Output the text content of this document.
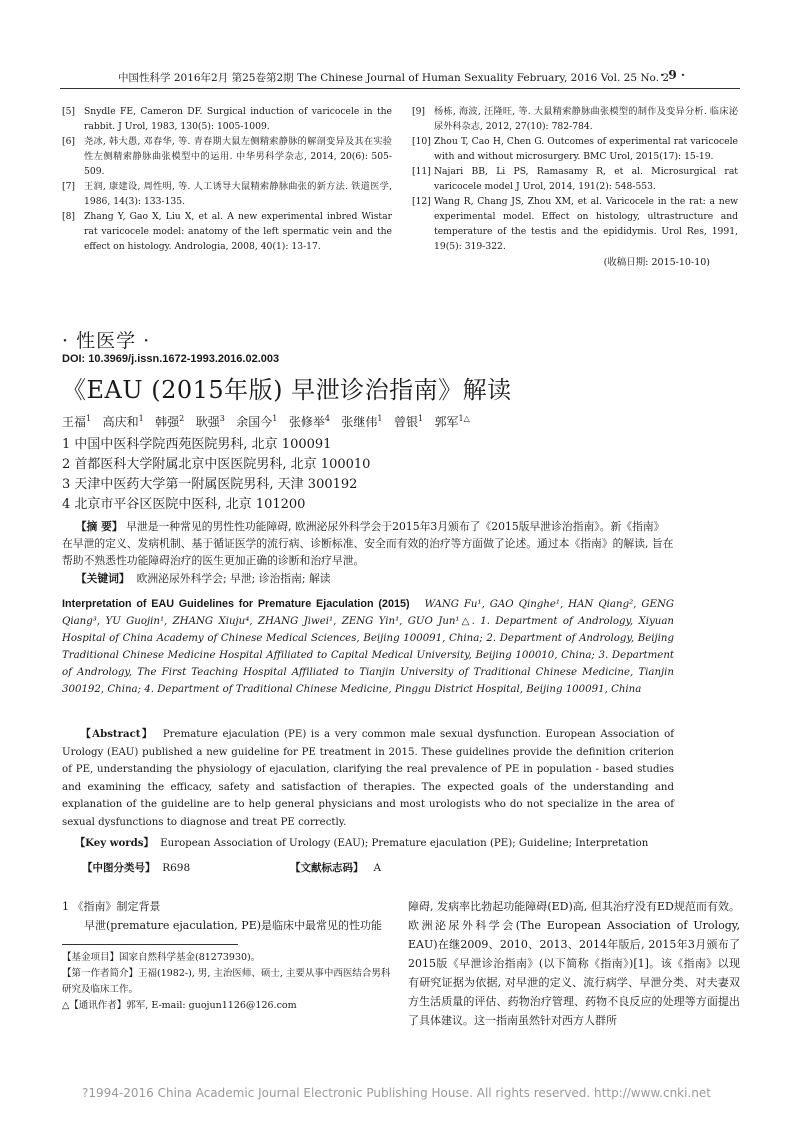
中国性科学 2016年2月 第25卷第2期 The Chinese Journal of Human Sexuality February, 2016 Vol. 25 No. 2
· 9 ·
[5] Snydle FE, Cameron DF. Surgical induction of varicocele in the rabbit. J Urol, 1983, 130(5): 1005-1009.
[6] 尧冰, 韩大愚, 邓春华, 等. 青春期大鼠左侧精索静脉的解剖变异及其在实验性左侧精索静脉曲张模型中的运用. 中华男科学杂志, 2014, 20(6): 505-509.
[7] 王润, 康建设, 周性明, 等. 人工诱导大鼠精索静脉曲张的新方法. 铁道医学, 1986, 14(3): 133-135.
[8] Zhang Y, Gao X, Liu X, et al. A new experimental inbred Wistar rat varicocele model: anatomy of the left spermatic vein and the effect on histology. Andrologia, 2008, 40(1): 13-17.
[9] 杨栋, 海波, 汪隆旺, 等. 大鼠精索静脉曲张模型的制作及变异分析. 临床泌尿外科杂志, 2012, 27(10): 782-784.
[10] Zhou T, Cao H, Chen G. Outcomes of experimental rat varicocele with and without microsurgery. BMC Urol, 2015(17): 15-19.
[11] Najari BB, Li PS, Ramasamy R, et al. Microsurgical rat varicocele model J Urol, 2014, 191(2): 548-553.
[12] Wang R, Chang JS, Zhou XM, et al. Varicocele in the rat: a new experimental model. Effect on histology, ultrastructure and temperature of the testis and the epididymis. Urol Res, 1991, 19(5): 319-322.
(收稿日期: 2015-10-10)
· 性医学 ·
DOI: 10.3969/j.issn.1672-1993.2016.02.003
《EAU (2015年版) 早泄诊治指南》解读
王福$^1$ 高庆和$^1$ 韩强$^2$ 耿强$^3$ 余国今$^1$ 张修举$^4$ 张继伟$^1$ 曾银$^1$ 郭军$^{1\triangle}$
1 中国中医科学院西苑医院男科, 北京 100091
2 首都医科大学附属北京中医医院男科, 北京 100010
3 天津中医药大学第一附属医院男科, 天津 300192
4 北京市平谷区医院中医科, 北京 101200
【摘 要】 早泄是一种常见的男性性功能障碍, 欧洲泌尿外科学会于2015年3月颁布了《2015版早泄诊治指南》。新《指南》在早泄的定义、发病机制、基于循证医学的流行病、诊断标准、安全而有效的治疗等方面做了论述。通过本《指南》的解读, 旨在帮助不熟悉性功能障碍治疗的医生更加正确的诊断和治疗早泄。
【关键词】 欧洲泌尿外科学会; 早泄; 诊治指南; 解读
Interpretation of EAU Guidelines for Premature Ejaculation (2015) WANG Fu¹, GAO Qinghe¹, HAN Qiang², GENG Qiang³, YU Guojin¹, ZHANG Xiuju⁴, ZHANG Jiwei¹, ZENG Yin¹, GUO Jun¹△. 1. Department of Andrology, Xiyuan Hospital of China Academy of Chinese Medical Sciences, Beijing 100091, China; 2. Department of Andrology, Beijing Traditional Chinese Medicine Hospital Affiliated to Capital Medical University, Beijing 100010, China; 3. Department of Andrology, The First Teaching Hospital Affiliated to Tianjin University of Traditional Chinese Medicine, Tianjin 300192, China; 4. Department of Traditional Chinese Medicine, Pinggu District Hospital, Beijing 100091, China
【Abstract】 Premature ejaculation (PE) is a very common male sexual dysfunction. European Association of Urology (EAU) published a new guideline for PE treatment in 2015. These guidelines provide the definition criterion of PE, understanding the physiology of ejaculation, clarifying the real prevalence of PE in population - based studies and examining the efficacy, safety and satisfaction of therapies. The expected goals of the understanding and explanation of the guideline are to help general physicians and most urologists who do not specialize in the area of sexual dysfunctions to diagnose and treat PE correctly.
【Key words】 European Association of Urology (EAU); Premature ejaculation (PE); Guideline; Interpretation
【中图分类号】 R698	【文献标志码】 A
1 《指南》制定背景
早泄(premature ejaculation, PE)是临床中最常见的性功能
【基金项目】国家自然科学基金(81273930)。
【第一作者简介】王福(1982-), 男, 主治医师、硕士, 主要从事中西医结合男科研究及临床工作。
△【通讯作者】郭军, E-mail: guojun1126@126.com
障碍, 发病率比勃起功能障碍(ED)高, 但其治疗没有ED规范而有效。欧洲泌尿外科学会(The European Association of Urology, EAU)在继2009、2010、2013、2014年版后, 2015年3月颁布了2015版《早泄诊治指南》(以下简称《指南》)[1]。该《指南》以现有研究证据为依据, 对早泄的定义、流行病学、早泄分类、对夫妻双方生活质量的评估、药物治疗管理、药物不良反应的处理等方面提出了具体建议。这一指南虽然针对西方人群所
?1994-2016 China Academic Journal Electronic Publishing House. All rights reserved. http://www.cnki.net
